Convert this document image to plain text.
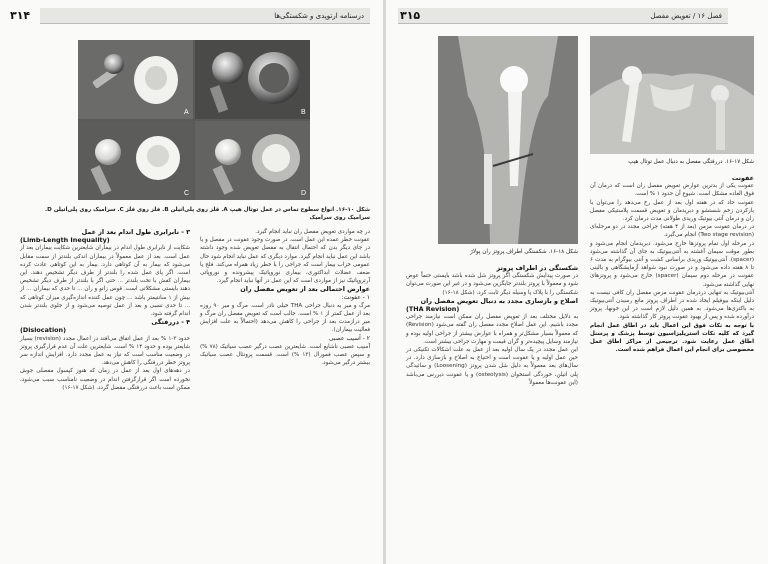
درسنامه ارتوپدی و شکستگی‌ها
۳۱۴
A	B
C	D
شکل ۱۰-۱۶. انواع سطوح تماس در عمل توتال هیپ A. فلز روی پلی‌اتیلن B. فلز روی فلز C. سرامیک روی پلی‌اتیلن D. سرامیک روی سرامیک

در چه مواردی تعویض مفصل ران نباید انجام گیرد.

عفونت خطر عمده این عمل است. در صورت وجود عفونت در مفصل و یا در جای دیگر بدن که احتمال انتقال به مفصل تعویض شده وجود داشته باشد این عمل نباید انجام گیرد. موارد دیگری که عمل نباید انجام شود حال عمومی خراب بیمار است که جراحی را با خطر زیاد همراه می‌کند. فلج یا ضعف عضلات ابداکتوری، بیماری نوروپاتیک پیشرونده و نوروپاتی آرتروپاتیک نیز از مواردی است که این عمل در آنها نباید انجام گیرد.

عوارض احتمالی بعد از تعویض مفصل ران

۱ - عفونت:

مرگ و میر به دنبال جراحی THA خیلی نادر است. مرگ و میر ۹۰ روزه بعد از عمل کمتر از ۱ % است. جالب است که تعویض مفصل ران مرگ و میر درازمدت بعد از جراحی را کاهش می‌دهد (احتمالاً به علت افزایش فعالیت بیماران).

۲ - آسیب عصبی

آسیب عصبی ناشایع است. شایعترین عصب درگیر عصب سیاتیک (۷۸ %) و سپس عصب فمورال (۱۳ %) است. قسمت پرونئال عصب سیاتیک بیشتر درگیر می‌شود.

۳ - نابرابری طول اندام بعد از عمل

(Limb-Length Inequality)

شکایت از نابرابری طول اندام در بیماران شایعترین شکایت بیماران بعد از عمل است. بعد از عمل معمولاً در بیماران اندکی بلندتر از سمت مقابل می‌شود که بیمار به آن کوتاهی دارد. بیمار به این کوتاهی عادت کرده است. اگر پای عمل شده را بلندتر از طرف دیگر تشخیص دهند. این بیماران کفش با تخت بلندتر ... حتی اگر با بلندتر از طرف دیگر تشخیص دهند بایستی مشکلاتی است. قوس زانو و ران ... تا حدی که بیماران ... از بیش از ۱ سانتیمتر باشد ... چون عمل کننده اندازه‌گیری میزان کوتاهی که ... تا حدی نسبی و بعد از عمل توصیه می‌شود و از جلوی بلندتر شدن اندام گرفته شود.

۴ - دررفتگی

(Dislocation)

حدود ۳-۱ % بعد از عمل اتفاق می‌افتد در اعمال مجدد (revision) بسیار شایعتر بوده و حدود ۱۴ % است. شایعترین علت آن عدم قرارگیری پروتز در وضعیت مناسب است که نیاز به عمل مجدد دارد. افزایش اندازه سر پروتز خطر دررفتگی را کاهش می‌دهد.

در دهه‌های اول بعد از عمل در زمان که هنوز کپسول مفصلی جوش نخورده است اگر قرارگرفتن اندام در وضعیت نامناسب سبب می‌شود، ممکن است باعث دررفتگی مفصل گردد. (شکل ۱۷-۱۶)

فصل ۱۶ / تعویض مفصل
۳۱۵
شکل ۱۷-۱۶. دررفتگی مفصل به دنبال عمل توتال هیپ
شکل ۱۸-۱۶. شکستگی اطراف پروتز ران پولاژ

عفونت

عفونت یکی از بدترین عوارض تعویض مفصل ران است که درمان آن فوق العاده مشکل است. شیوع آن حدود ۱ % است.

عفونت حاد که در هفته اول بعد از عمل رخ می‌دهد را می‌توان با بازکردن زخم شستشو و دبریدمان و تعویض قسمت پلاستیکی مفصل ران و درمان آنتی بیوتیک وریدی طولانی مدت درمان کرد.

در درمان عفونت مزمن (بعد از ۴ هفته) جراحی مجدد در دو مرحله‌ای (Two stage revision) انجام می‌گیرد.

در مرحله اول تمام پروتزها خارج می‌شود. دبریدمان انجام می‌شود و بطور موقت سیمان آغشته به آنتی‌بیوتیک به جای آن گذاشته می‌شود (spacer). آنتی‌بیوتیک وریدی براساس کشت و آنتی بیوگرام به مدت ۶ تا ۸ هفته داده می‌شود و در صورت نبود شواهد آزمایشگاهی و بالینی عفونت در مرحله دوم سیمان (spacer) خارج می‌شود و پروتزهای نهایی گذاشته می‌شود.

آنتی‌بیوتیک به تنهایی دردرمان عفونت مزمن مفصل ران کافی نیست به دلیل اینکه بیوفیلم ایجاد شده در اطراف پروتز مانع رسیدن آنتی‌بیوتیک به باکتری‌ها می‌شود. به همین دلیل لازم است در این خونها، پروتز درآورده شده و پس از بهبود عفونت پروتز کار گذاشته شود.

با توجه به نکات فوق این اعمال باید در اطاق عمل انجام گیرد که کلیه نکات استریلیزاسیون توسط پزشک و پرسنل اطاق عمل رعایت شود. ترجیحی از مراکز اطاق عمل مخصوصی برای انجام این اعمال فراهم شده است.

شکستگی در اطراف پروتز

در صورت پیدایش شکستگی اگر پروتز شل شده باشد بایستی حتماً عوض شود و معمولاً با پروتز بلندتر جایگزین می‌شود و در غیر این صورت می‌توان شکستگی را با پلاک یا وسیله دیگر ثابت کرد. (شکل ۱۸-۱۶)

اصلاح و بازسازی مجدد به دنبال تعویض مفصل ران

(THA Revision)

به دلایل مختلف بعد از تعویض مفصل ران ممکن است نیازمند جراحی مجدد باشیم. این عمل اصلاح مجدد مفصل ران گفته می‌شود (Revision) که معمولاً بسیار مشکل‌تر و همراه با عوارض بیشتر از جراحی اولیه بوده و نیازمند وسایل پیچیده‌تر و گران قیمت و مهارت جراحی بیشتر است.

این عمل مجدد در یک سال اولیه بعد از عمل به علت اشکالات تکنیکی در حین عمل اولیه و یا عفونت است و احتیاج به اصلاح و بازسازی دارد. در سال‌های بعد معمولاً به دلیل شل شدن پروتز (Loosening) و سائیدگی پلی اتیلن، خوردگی استخوان (osteolysis) و یا عفونت دیررس می‌باشد (این عفونت‌ها معمولاً
